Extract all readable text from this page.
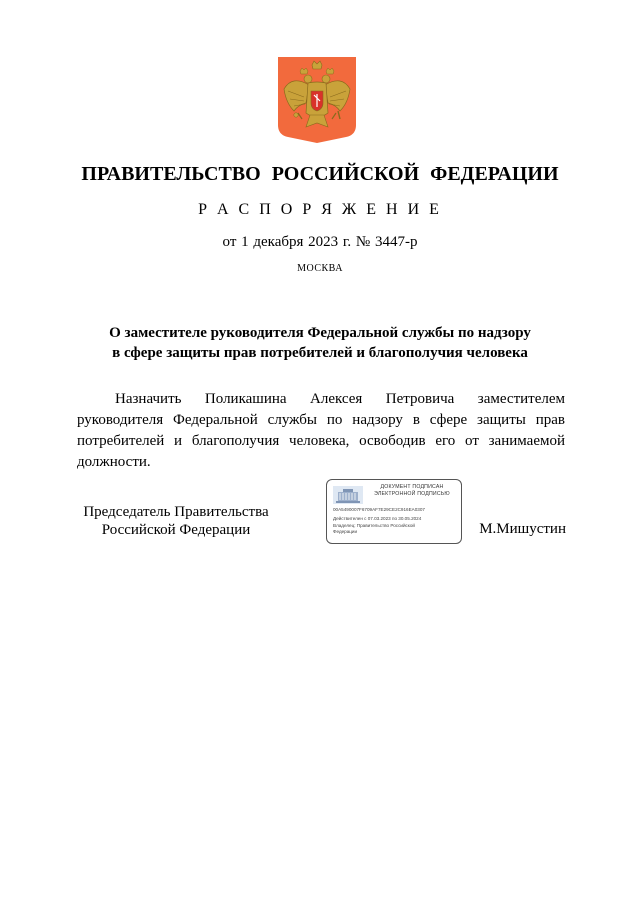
ПРАВИТЕЛЬСТВО РОССИЙСКОЙ ФЕДЕРАЦИИ
Р А С П О Р Я Ж Е Н И Е
от 1 декабря 2023 г. № 3447-р
МОСКВА
О заместителе руководителя Федеральной службы по надзору
в сфере защиты прав потребителей и благополучия человека
Назначить Поликашина Алексея Петровича заместителем руководителя Федеральной службы по надзору в сфере защиты прав потребителей и благополучия человека, освободив его от занимаемой должности.
Председатель Правительства
Российской Федерации
ДОКУМЕНТ ПОДПИСАН
ЭЛЕКТРОННОЙ ПОДПИСЬЮ
00A5490007F6709AF7E29CE2C916EA0307
Действителен с 07.03.2023 по 30.05.2024
Владелец: Правительство Российской
Федерации	М.Мишустин
